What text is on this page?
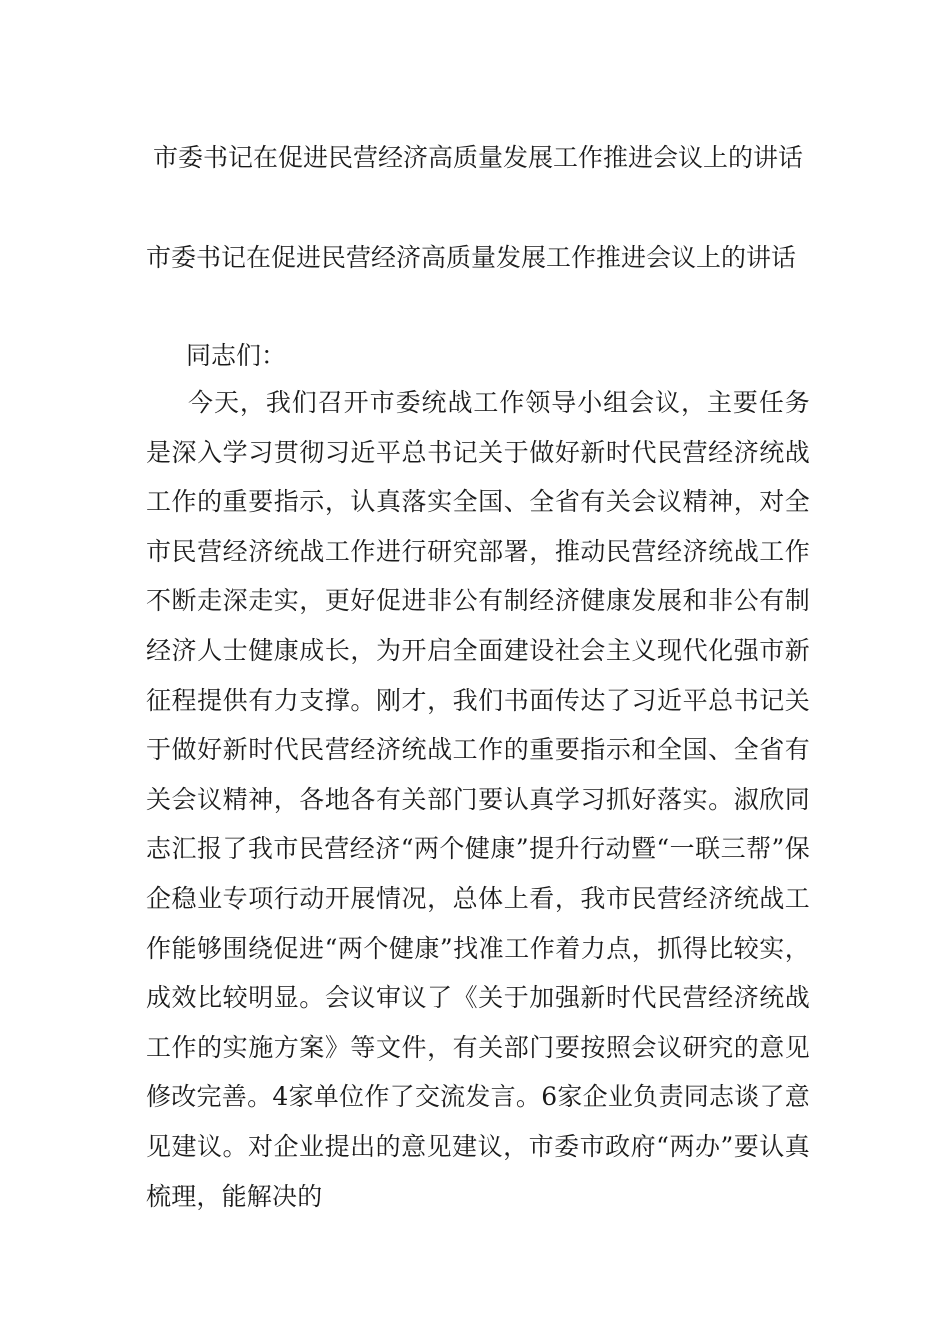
市委书记在促进民营经济高质量发展工作推进会议上的讲话
市委书记在促进民营经济高质量发展工作推进会议上的讲话

同志们：

今天，我们召开市委统战工作领导小组会议，主要任务是深入学习贯彻习近平总书记关于做好新时代民营经济统战工作的重要指示，认真落实全国、全省有关会议精神，对全市民营经济统战工作进行研究部署，推动民营经济统战工作不断走深走实，更好促进非公有制经济健康发展和非公有制经济人士健康成长，为开启全面建设社会主义现代化强市新征程提供有力支撑。刚才，我们书面传达了习近平总书记关于做好新时代民营经济统战工作的重要指示和全国、全省有关会议精神，各地各有关部门要认真学习抓好落实。淑欣同志汇报了我市民营经济“两个健康”提升行动暨“一联三帮”保企稳业专项行动开展情况，总体上看，我市民营经济统战工作能够围绕促进“两个健康”找准工作着力点，抓得比较实，成效比较明显。会议审议了《关于加强新时代民营经济统战工作的实施方案》等文件，有关部门要按照会议研究的意见修改完善。4家单位作了交流发言。6家企业负责同志谈了意见建议。对企业提出的意见建议，市委市政府“两办”要认真梳理，能解决的
